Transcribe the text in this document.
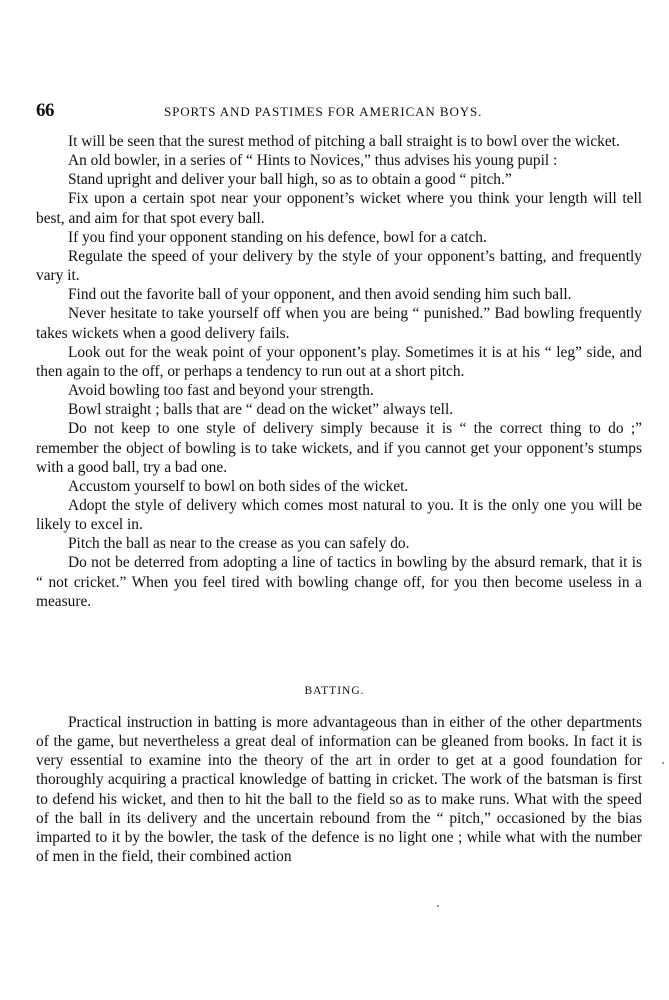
66	SPORTS AND PASTIMES FOR AMERICAN BOYS.

It will be seen that the surest method of pitching a ball straight is to bowl over the wicket.

An old bowler, in a series of “ Hints to Novices,” thus advises his young pupil :

Stand upright and deliver your ball high, so as to obtain a good “ pitch.”

Fix upon a certain spot near your opponent’s wicket where you think your length will tell best, and aim for that spot every ball.

If you find your opponent standing on his defence, bowl for a catch.

Regulate the speed of your delivery by the style of your opponent’s batting, and frequently vary it.

Find out the favorite ball of your opponent, and then avoid sending him such ball.

Never hesitate to take yourself off when you are being “ punished.” Bad bowling frequently takes wickets when a good delivery fails.

Look out for the weak point of your opponent’s play. Sometimes it is at his “ leg” side, and then again to the off, or perhaps a tendency to run out at a short pitch.

Avoid bowling too fast and beyond your strength.

Bowl straight ; balls that are “ dead on the wicket” always tell.

Do not keep to one style of delivery simply because it is “ the correct thing to do ;” remember the object of bowling is to take wickets, and if you cannot get your opponent’s stumps with a good ball, try a bad one.

Accustom yourself to bowl on both sides of the wicket.

Adopt the style of delivery which comes most natural to you. It is the only one you will be likely to excel in.

Pitch the ball as near to the crease as you can safely do.

Do not be deterred from adopting a line of tactics in bowling by the absurd remark, that it is “ not cricket.” When you feel tired with bowling change off, for you then become useless in a measure.

BATTING.

Practical instruction in batting is more advantageous than in either of the other departments of the game, but nevertheless a great deal of information can be gleaned from books. In fact it is very essential to examine into the theory of the art in order to get at a good foundation for thoroughly acquiring a practical knowledge of batting in cricket. The work of the batsman is first to defend his wicket, and then to hit the ball to the field so as to make runs. What with the speed of the ball in its delivery and the uncertain rebound from the “ pitch,” occasioned by the bias imparted to it by the bowler, the task of the defence is no light one ; while what with the number of men in the field, their combined action
